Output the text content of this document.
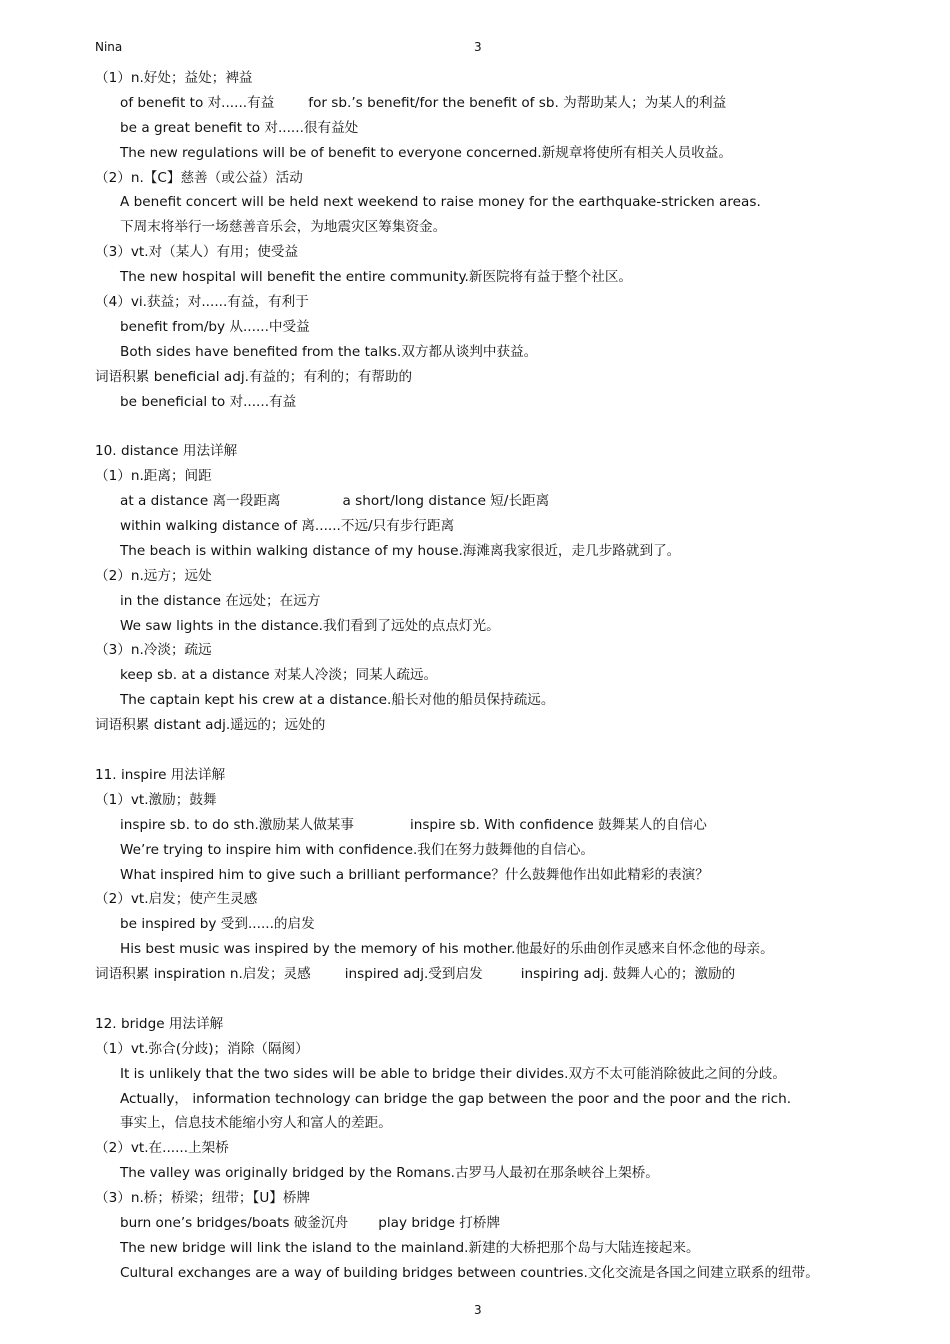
Nina	3
（1）n.好处；益处；裨益
of benefit to 对......有益	for sb.’s benefit/for the benefit of sb. 为帮助某人；为某人的利益
be a great benefit to 对......很有益处
The new regulations will be of benefit to everyone concerned.新规章将使所有相关人员收益。
（2）n.【C】慈善（或公益）活动
A benefit concert will be held next weekend to raise money for the earthquake-stricken areas.
下周末将举行一场慈善音乐会，为地震灾区筹集资金。
（3）vt.对（某人）有用；使受益
The new hospital will benefit the entire community.新医院将有益于整个社区。
（4）vi.获益；对......有益，有利于
benefit from/by 从......中受益
Both sides have benefited from the talks.双方都从谈判中获益。
词语积累 beneficial adj.有益的；有利的；有帮助的
be beneficial to 对......有益
10. distance 用法详解
（1）n.距离；间距
at a distance 离一段距离	a short/long distance 短/长距离
within walking distance of 离......不远/只有步行距离
The beach is within walking distance of my house.海滩离我家很近，走几步路就到了。
（2）n.远方；远处
in the distance 在远处；在远方
We saw lights in the distance.我们看到了远处的点点灯光。
（3）n.冷淡；疏远
keep sb. at a distance 对某人冷淡；同某人疏远。
The captain kept his crew at a distance.船长对他的船员保持疏远。
词语积累 distant adj.遥远的；远处的
11. inspire 用法详解
（1）vt.激励；鼓舞
inspire sb. to do sth.激励某人做某事	inspire sb. With confidence 鼓舞某人的自信心
We’re trying to inspire him with confidence.我们在努力鼓舞他的自信心。
What inspired him to give such a brilliant performance？什么鼓舞他作出如此精彩的表演？
（2）vt.启发；使产生灵感
be inspired by 受到......的启发
His best music was inspired by the memory of his mother.他最好的乐曲创作灵感来自怀念他的母亲。
词语积累 inspiration n.启发；灵感	inspired adj.受到启发	inspiring adj. 鼓舞人心的；激励的
12. bridge 用法详解
（1）vt.弥合(分歧)；消除（隔阂）
It is unlikely that the two sides will be able to bridge their divides.双方不太可能消除彼此之间的分歧。
Actually， information technology can bridge the gap between the poor and the poor and the rich.
事实上，信息技术能缩小穷人和富人的差距。
（2）vt.在......上架桥
The valley was originally bridged by the Romans.古罗马人最初在那条峡谷上架桥。
（3）n.桥；桥梁；纽带；【U】桥牌
burn one’s bridges/boats 破釜沉舟 play bridge 打桥牌
The new bridge will link the island to the mainland.新建的大桥把那个岛与大陆连接起来。
Cultural exchanges are a way of building bridges between countries.文化交流是各国之间建立联系的纽带。
3
